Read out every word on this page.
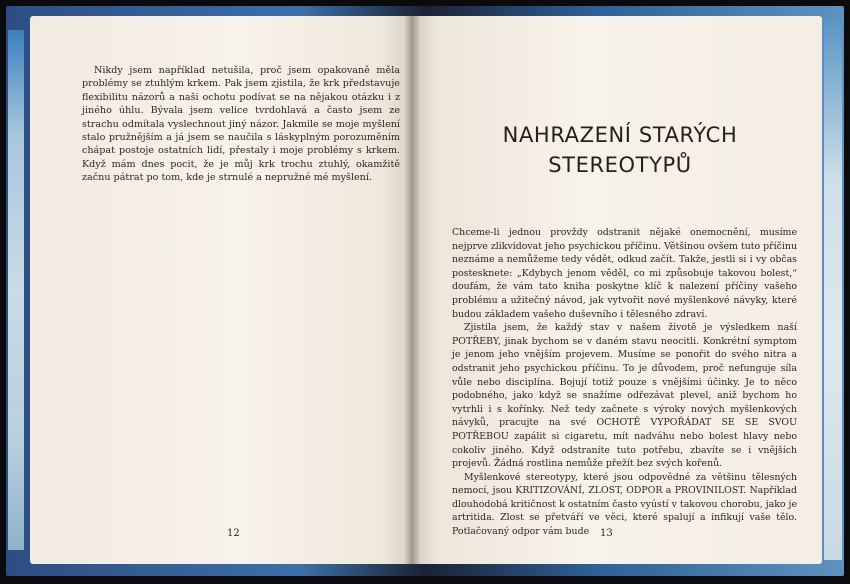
Nikdy jsem například netušila, proč jsem opakovaně měla problémy se ztuhlým krkem. Pak jsem zjistila, že krk představuje flexibilitu názorů a naši ochotu podívat se na nějakou otázku i z jiného úhlu. Bývala jsem velice tvrdohlavá a často jsem ze strachu odmítala vyslechnout jiný názor. Jakmile se moje myšlení stalo pružnějším a já jsem se naučila s láskyplným porozuměním chápat postoje ostatních lidí, přestaly i moje problémy s krkem. Když mám dnes pocit, že je můj krk trochu ztuhlý, okamžitě začnu pátrat po tom, kde je strnulé a nepružné mé myšlení.

12
NAHRAZENÍ STARÝCH
STEREOTYPŮ

Chceme-li jednou provždy odstranit nějaké onemocnění, musíme nejprve zlikvidovat jeho psychickou příčinu. Většinou ovšem tuto příčinu neznáme a nemůžeme tedy vědět, odkud začít. Takže, jestli si i vy občas postesknete: „Kdybych jenom věděl, co mi způsobuje takovou bolest,“ doufám, že vám tato kniha poskytne klíč k nalezení příčiny vašeho problému a užitečný návod, jak vytvořit nové myšlenkové návyky, které budou základem vašeho duševního i tělesného zdraví.

Zjistila jsem, že každý stav v našem životě je výsledkem naší POTŘEBY, jinak bychom se v daném stavu neocitli. Konkrétní symptom je jenom jeho vnějším projevem. Musíme se ponořit do svého nitra a odstranit jeho psychickou příčinu. To je důvodem, proč nefunguje síla vůle nebo disciplína. Bojují totiž pouze s vnějšími účinky. Je to něco podobného, jako když se snažíme odřezávat plevel, aniž bychom ho vytrhli i s kořínky. Než tedy začnete s výroky nových myšlenkových návyků, pracujte na své OCHOTĚ VYPOŘÁDAT SE SE SVOU POTŘEBOU zapálit si cigaretu, mít nadváhu nebo bolest hlavy nebo cokoliv jiného. Když odstraníte tuto potřebu, zbavíte se i vnějších projevů. Žádná rostlina nemůže přežít bez svých kořenů.

Myšlenkové stereotypy, které jsou odpovědné za většinu tělesných nemocí, jsou KRITIZOVÁNÍ, ZLOST, ODPOR a PROVINILOST. Například dlouhodobá kritičnost k ostatním často vyústí v takovou chorobu, jako je artritida. Zlost se přetváří ve věci, které spalují a infikují vaše tělo. Potlačovaný odpor vám bude	13
